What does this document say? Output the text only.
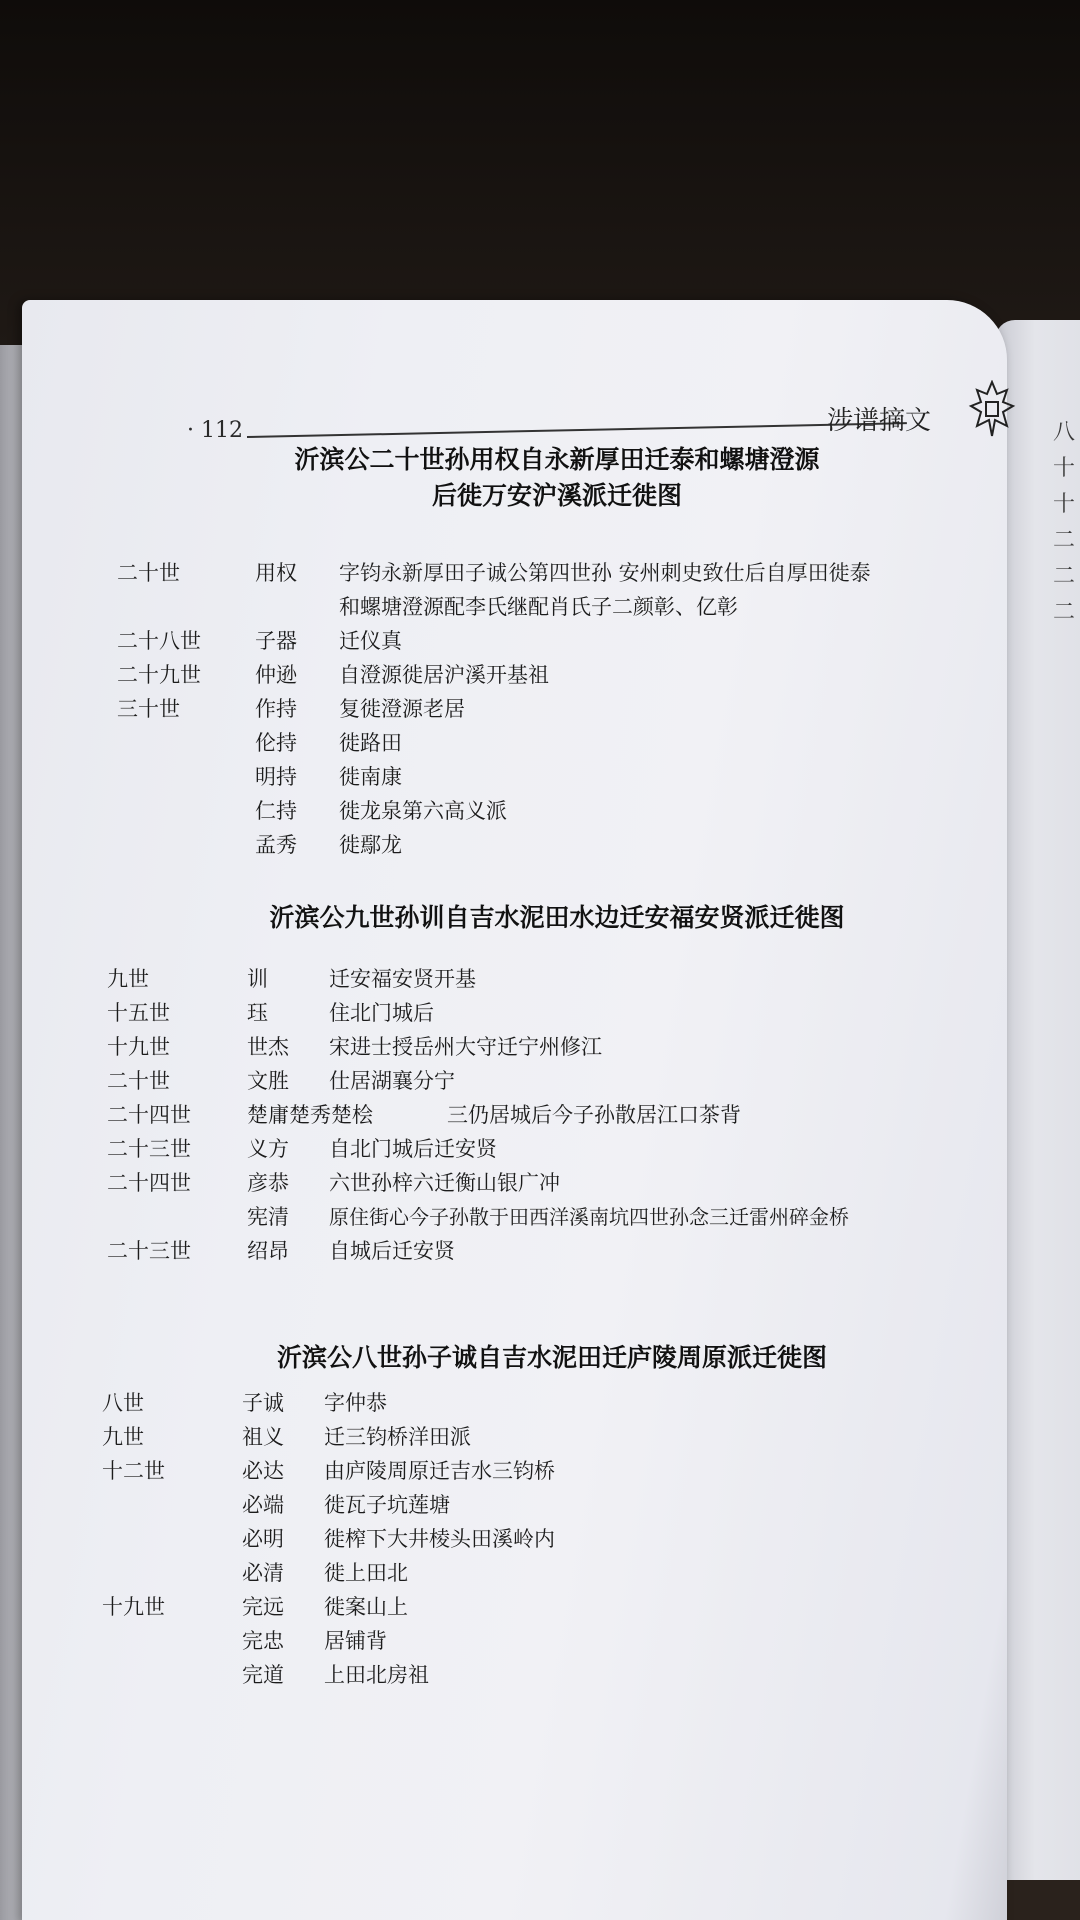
八
十
十
二
二
二
· 112	涉谱摘文
沂滨公二十世孙用权自永新厚田迁泰和螺塘澄源
后徙万安沪溪派迁徙图
二十世	用权 字钧永新厚田子诚公第四世孙 安州刺史致仕后自厚田徙泰
和螺塘澄源配李氏继配肖氏子二颜彰、亿彰
二十八世	子器 迁仪真
二十九世	仲逊 自澄源徙居沪溪开基祖
三十世	作持 复徙澄源老居
伦持 徙路田
明持 徙南康
仁持 徙龙泉第六高义派
孟秀 徙鄢龙
沂滨公九世孙训自吉水泥田水边迁安福安贤派迁徙图
九世	训	迁安福安贤开基
十五世	珏	住北门城后
十九世	世杰 宋进士授岳州大守迁宁州修江
二十世	文胜 仕居湖襄分宁
二十四世	楚庸楚秀楚桧	三仍居城后今子孙散居江口茶背
二十三世	义方 自北门城后迁安贤
二十四世	彦恭 六世孙梓六迁衡山银广冲
宪清 原住街心今子孙散于田西洋溪南坑四世孙念三迁雷州碎金桥
二十三世	绍昂 自城后迁安贤
沂滨公八世孙子诚自吉水泥田迁庐陵周原派迁徙图
八世	子诚 字仲恭
九世	祖义 迁三钧桥洋田派
十二世	必达 由庐陵周原迁吉水三钧桥
必端 徙瓦子坑莲塘
必明 徙榨下大井棱头田溪岭内
必清 徙上田北
十九世	完远 徙案山上
完忠 居铺背
完道 上田北房祖
